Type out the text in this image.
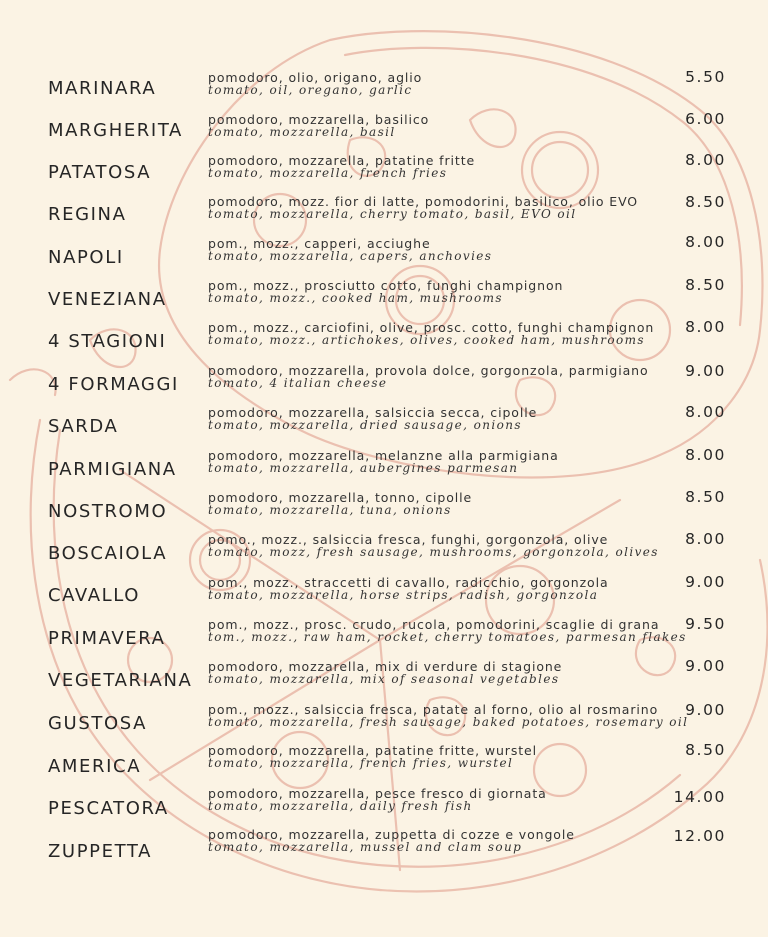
MARINARA
pomodoro, olio, origano, aglio
tomato, oil, oregano, garlic
5.50
MARGHERITA
pomodoro, mozzarella, basilico
tomato, mozzarella, basil
6.00
PATATOSA
pomodoro, mozzarella, patatine fritte
tomato, mozzarella, french fries
8.00
REGINA
pomodoro, mozz. fior di latte, pomodorini, basilico, olio EVO
tomato, mozzarella, cherry tomato, basil, EVO oil
8.50
NAPOLI
pom., mozz., capperi, acciughe
tomato, mozzarella, capers, anchovies
8.00
VENEZIANA
pom., mozz., prosciutto cotto, funghi champignon
tomato, mozz., cooked ham, mushrooms
8.50
4 STAGIONI
pom., mozz., carciofini, olive, prosc. cotto, funghi champignon
tomato, mozz., artichokes, olives, cooked ham, mushrooms
8.00
4 FORMAGGI
pomodoro, mozzarella, provola dolce, gorgonzola, parmigiano
tomato, 4 italian cheese
9.00
SARDA
pomodoro, mozzarella, salsiccia secca, cipolle
tomato, mozzarella, dried sausage, onions
8.00
PARMIGIANA
pomodoro, mozzarella, melanzne alla parmigiana
tomato, mozzarella, aubergines parmesan
8.00
NOSTROMO
pomodoro, mozzarella, tonno, cipolle
tomato, mozzarella, tuna, onions
8.50
BOSCAIOLA
pomo., mozz., salsiccia fresca, funghi, gorgonzola, olive
tomato, mozz, fresh sausage, mushrooms, gorgonzola, olives
8.00
CAVALLO
pom., mozz., straccetti di cavallo, radicchio, gorgonzola
tomato, mozzarella, horse strips, radish, gorgonzola
9.00
PRIMAVERA
pom., mozz., prosc. crudo, rucola, pomodorini, scaglie di grana
tom., mozz., raw ham, rocket, cherry tomatoes, parmesan flakes
9.50
VEGETARIANA
pomodoro, mozzarella, mix di verdure di stagione
tomato, mozzarella, mix of seasonal vegetables
9.00
GUSTOSA
pom., mozz., salsiccia fresca, patate al forno, olio al rosmarino
tomato, mozzarella, fresh sausage, baked potatoes, rosemary oil
9.00
AMERICA
pomodoro, mozzarella, patatine fritte, wurstel
tomato, mozzarella, french fries, wurstel
8.50
PESCATORA
pomodoro, mozzarella, pesce fresco di giornata
tomato, mozzarella, daily fresh fish	14.00
ZUPPETTA
pomodoro, mozzarella, zuppetta di cozze e vongole
tomato, mozzarella, mussel and clam soup
12.00
